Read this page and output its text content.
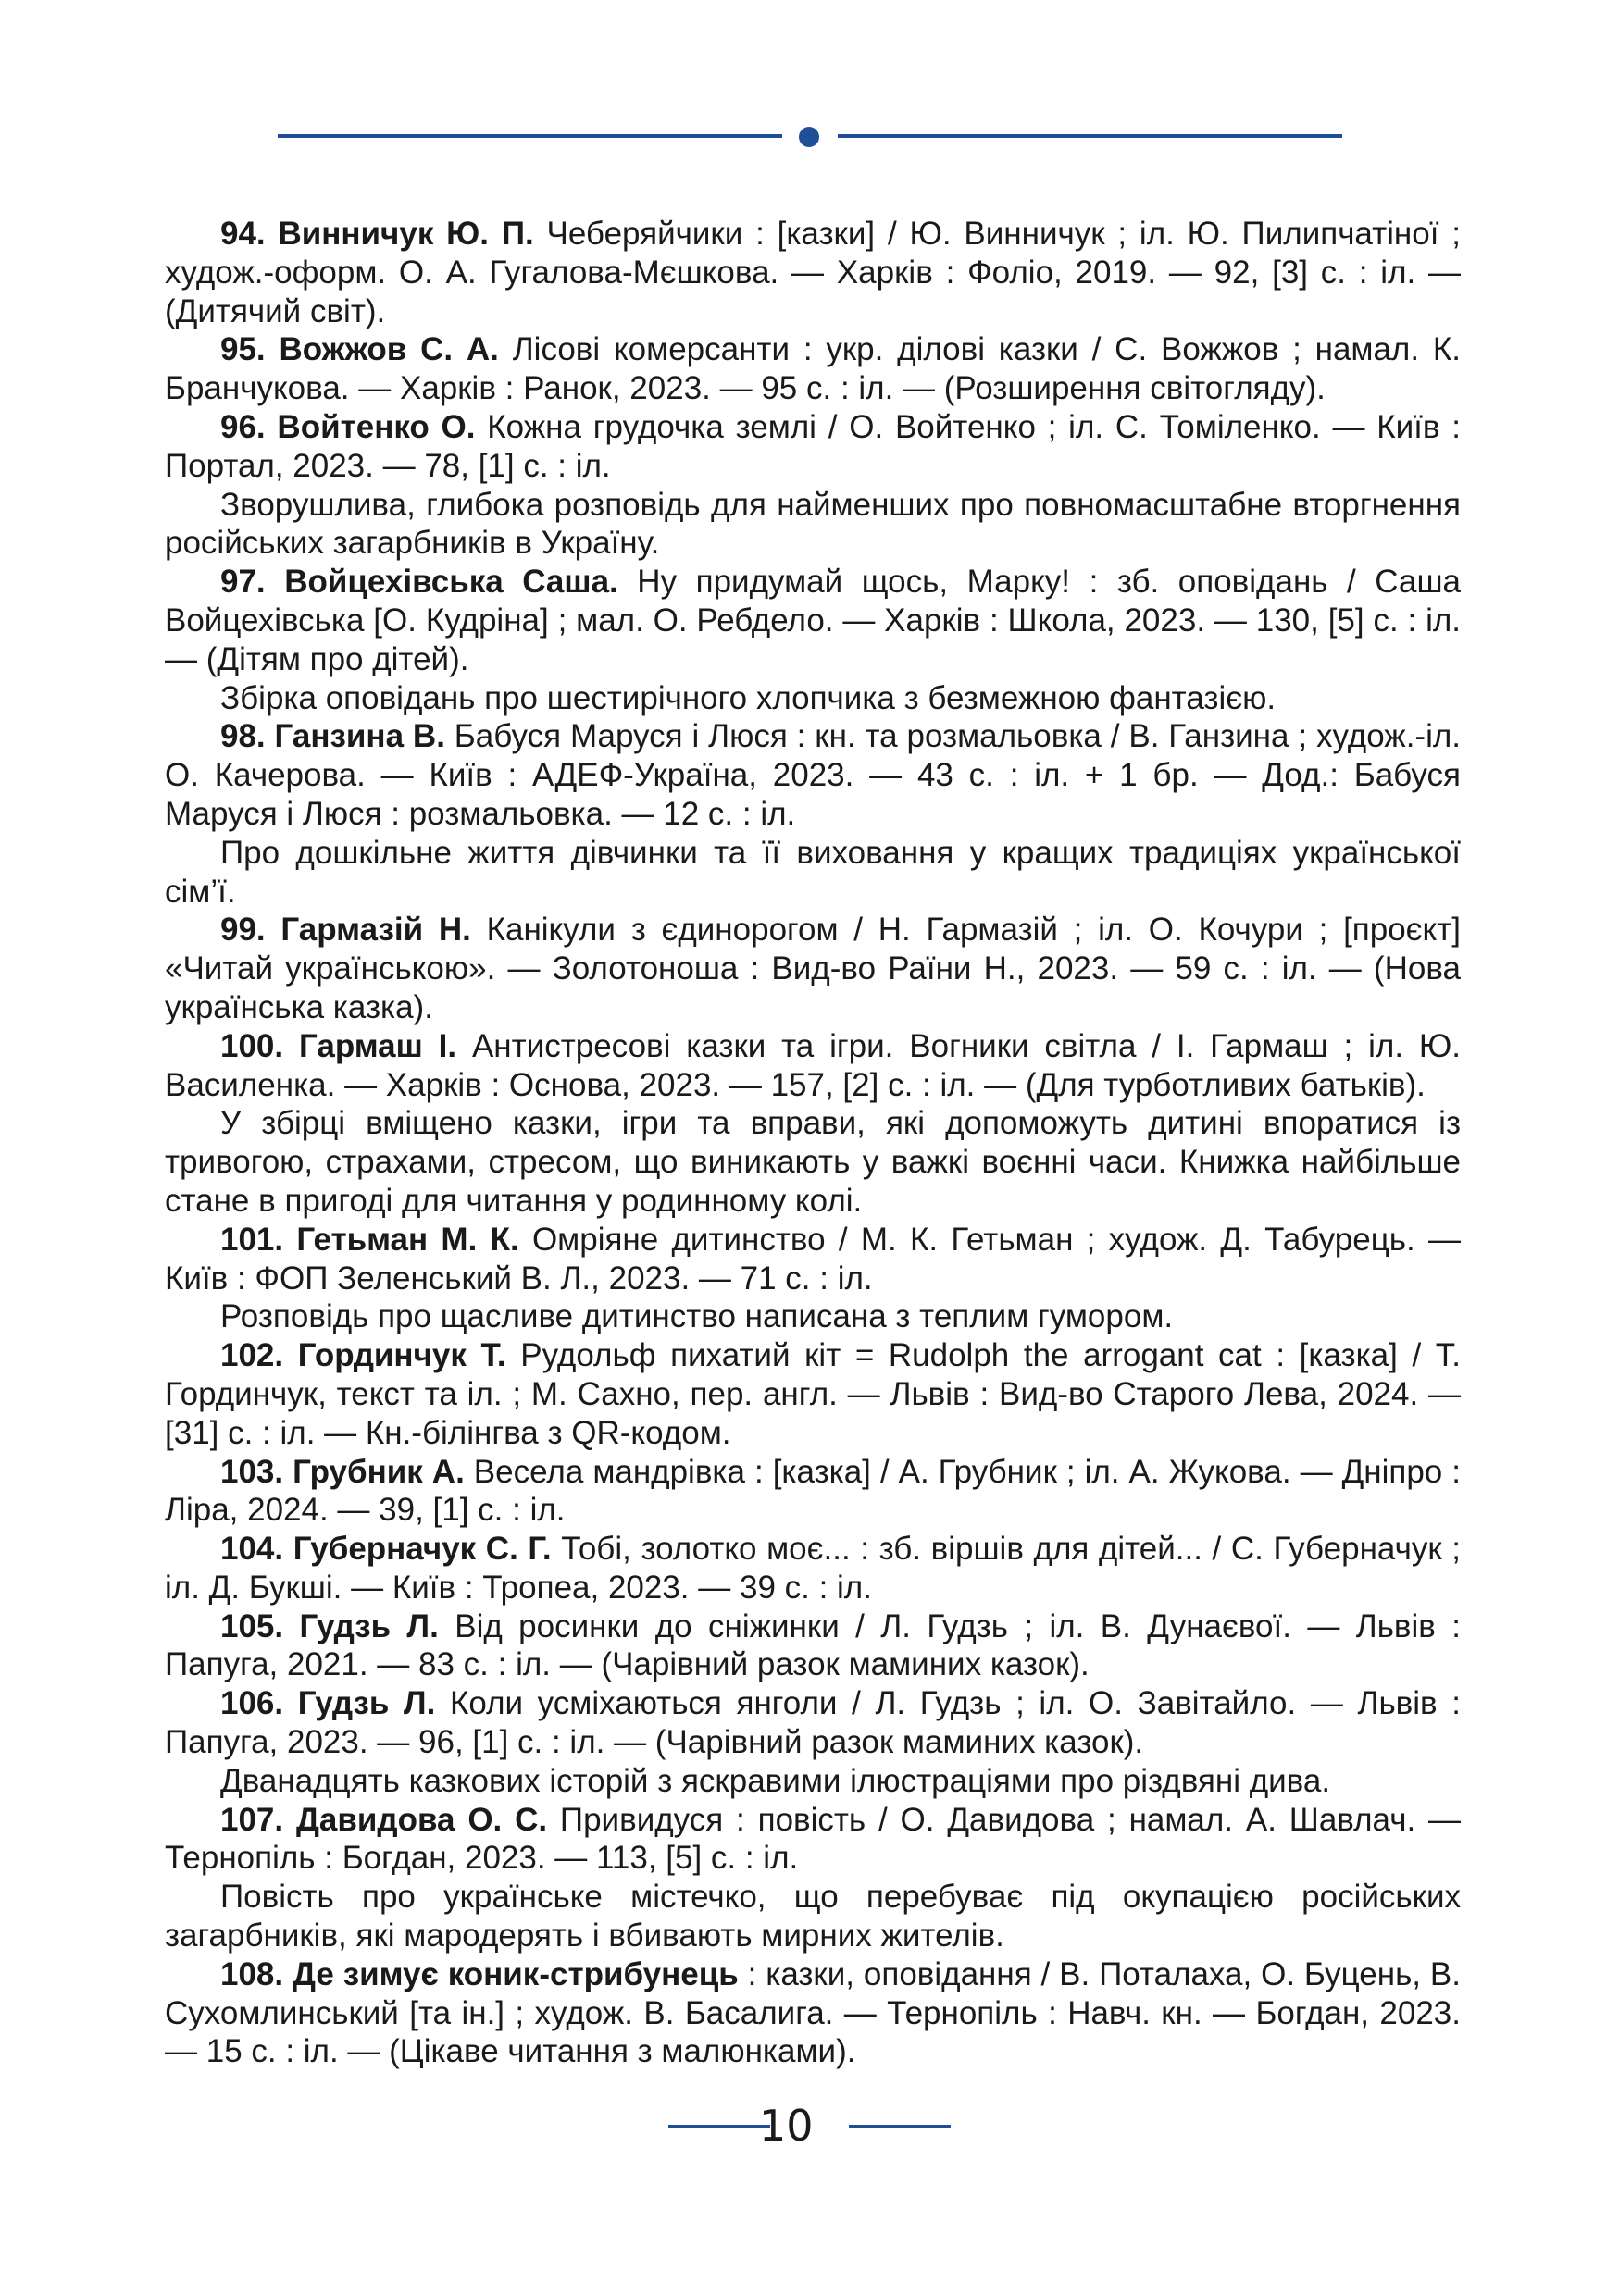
94. Винничук Ю. П. Чеберяйчики : [казки] / Ю. Винничук ; іл. Ю. Пилипчатіної ; худож.-оформ. О. А. Гугалова-Мєшкова. — Харків : Фоліо, 2019. — 92, [3] с. : іл. — (Дитячий світ).

95. Вожжов С. А. Лісові комерсанти : укр. ділові казки / С. Вожжов ; намал. К. Бранчукова. — Харків : Ранок, 2023. — 95 с. : іл. — (Розширення світогляду).

96. Войтенко О. Кожна грудочка землі / О. Войтенко ; іл. С. Томіленко. — Київ : Портал, 2023. — 78, [1] с. : іл.

Зворушлива, глибока розповідь для найменших про повномасштабне вторгнення російських загарбників в Україну.

97. Войцехівська Саша. Ну придумай щось, Марку! : зб. оповідань / Саша Войцехівська [О. Кудріна] ; мал. О. Ребдело. — Харків : Школа, 2023. — 130, [5] с. : іл. — (Дітям про дітей).

Збірка оповідань про шестирічного хлопчика з безмежною фантазією.

98. Ганзина В. Бабуся Маруся і Люся : кн. та розмальовка / В. Ганзина ; худож.-іл. О. Качерова. — Київ : АДЕФ-Україна, 2023. — 43 с. : іл. + 1 бр. — Дод.: Бабуся Маруся і Люся : розмальовка. — 12 с. : іл.

Про дошкільне життя дівчинки та її виховання у кращих традиціях української сім’ї.

99. Гармазій Н. Канікули з єдинорогом / Н. Гармазій ; іл. О. Кочури ; [проєкт] «Читай українською». — Золотоноша : Вид-во Раїни Н., 2023. — 59 с. : іл. — (Нова українська казка).

100. Гармаш І. Антистресові казки та ігри. Вогники світла / І. Гармаш ; іл. Ю. Василенка. — Харків : Основа, 2023. — 157, [2] с. : іл. — (Для турботливих батьків).

У збірці вміщено казки, ігри та вправи, які допоможуть дитині впоратися із тривогою, страхами, стресом, що виникають у важкі воєнні часи. Книжка найбільше стане в пригоді для читання у родинному колі.

101. Гетьман М. К. Омріяне дитинство / М. К. Гетьман ; худож. Д. Табурець. — Київ : ФОП Зеленський В. Л., 2023. — 71 с. : іл.

Розповідь про щасливе дитинство написана з теплим гумором.

102. Гординчук Т. Рудольф пихатий кіт = Rudolph the arrogant cat : [казка] / Т. Гординчук, текст та іл. ; М. Сахно, пер. англ. — Львів : Вид-во Старого Лева, 2024. — [31] с. : іл. — Кн.-білінгва з QR-кодом.

103. Грубник А. Весела мандрівка : [казка] / А. Грубник ; іл. А. Жукова. — Дніпро : Ліра, 2024. — 39, [1] с. : іл.

104. Губерначук С. Г. Тобі, золотко моє... : зб. віршів для дітей... / С. Губерначук ; іл. Д. Букші. — Київ : Тропеа, 2023. — 39 с. : іл.

105. Гудзь Л. Від росинки до сніжинки / Л. Гудзь ; іл. В. Дунаєвої. — Львів : Папуга, 2021. — 83 с. : іл. — (Чарівний разок маминих казок).

106. Гудзь Л. Коли усміхаються янголи / Л. Гудзь ; іл. О. Завітайло. — Львів : Папуга, 2023. — 96, [1] с. : іл. — (Чарівний разок маминих казок).

Дванадцять казкових історій з яскравими ілюстраціями про різдвяні дива.

107. Давидова О. С. Привидуся : повість / О. Давидова ; намал. А. Шавлач. — Тернопіль : Богдан, 2023. — 113, [5] с. : іл.

Повість про українське містечко, що перебуває під окупацією російських загарбників, які мародерять і вбивають мирних жителів.

108. Де зимує коник-стрибунець : казки, оповідання / В. Поталаха, О. Буцень, В. Сухомлинський [та ін.] ; худож. В. Басалига. — Тернопіль : Навч. кн. — Богдан, 2023. — 15 с. : іл. — (Цікаве читання з малюнками).

10
